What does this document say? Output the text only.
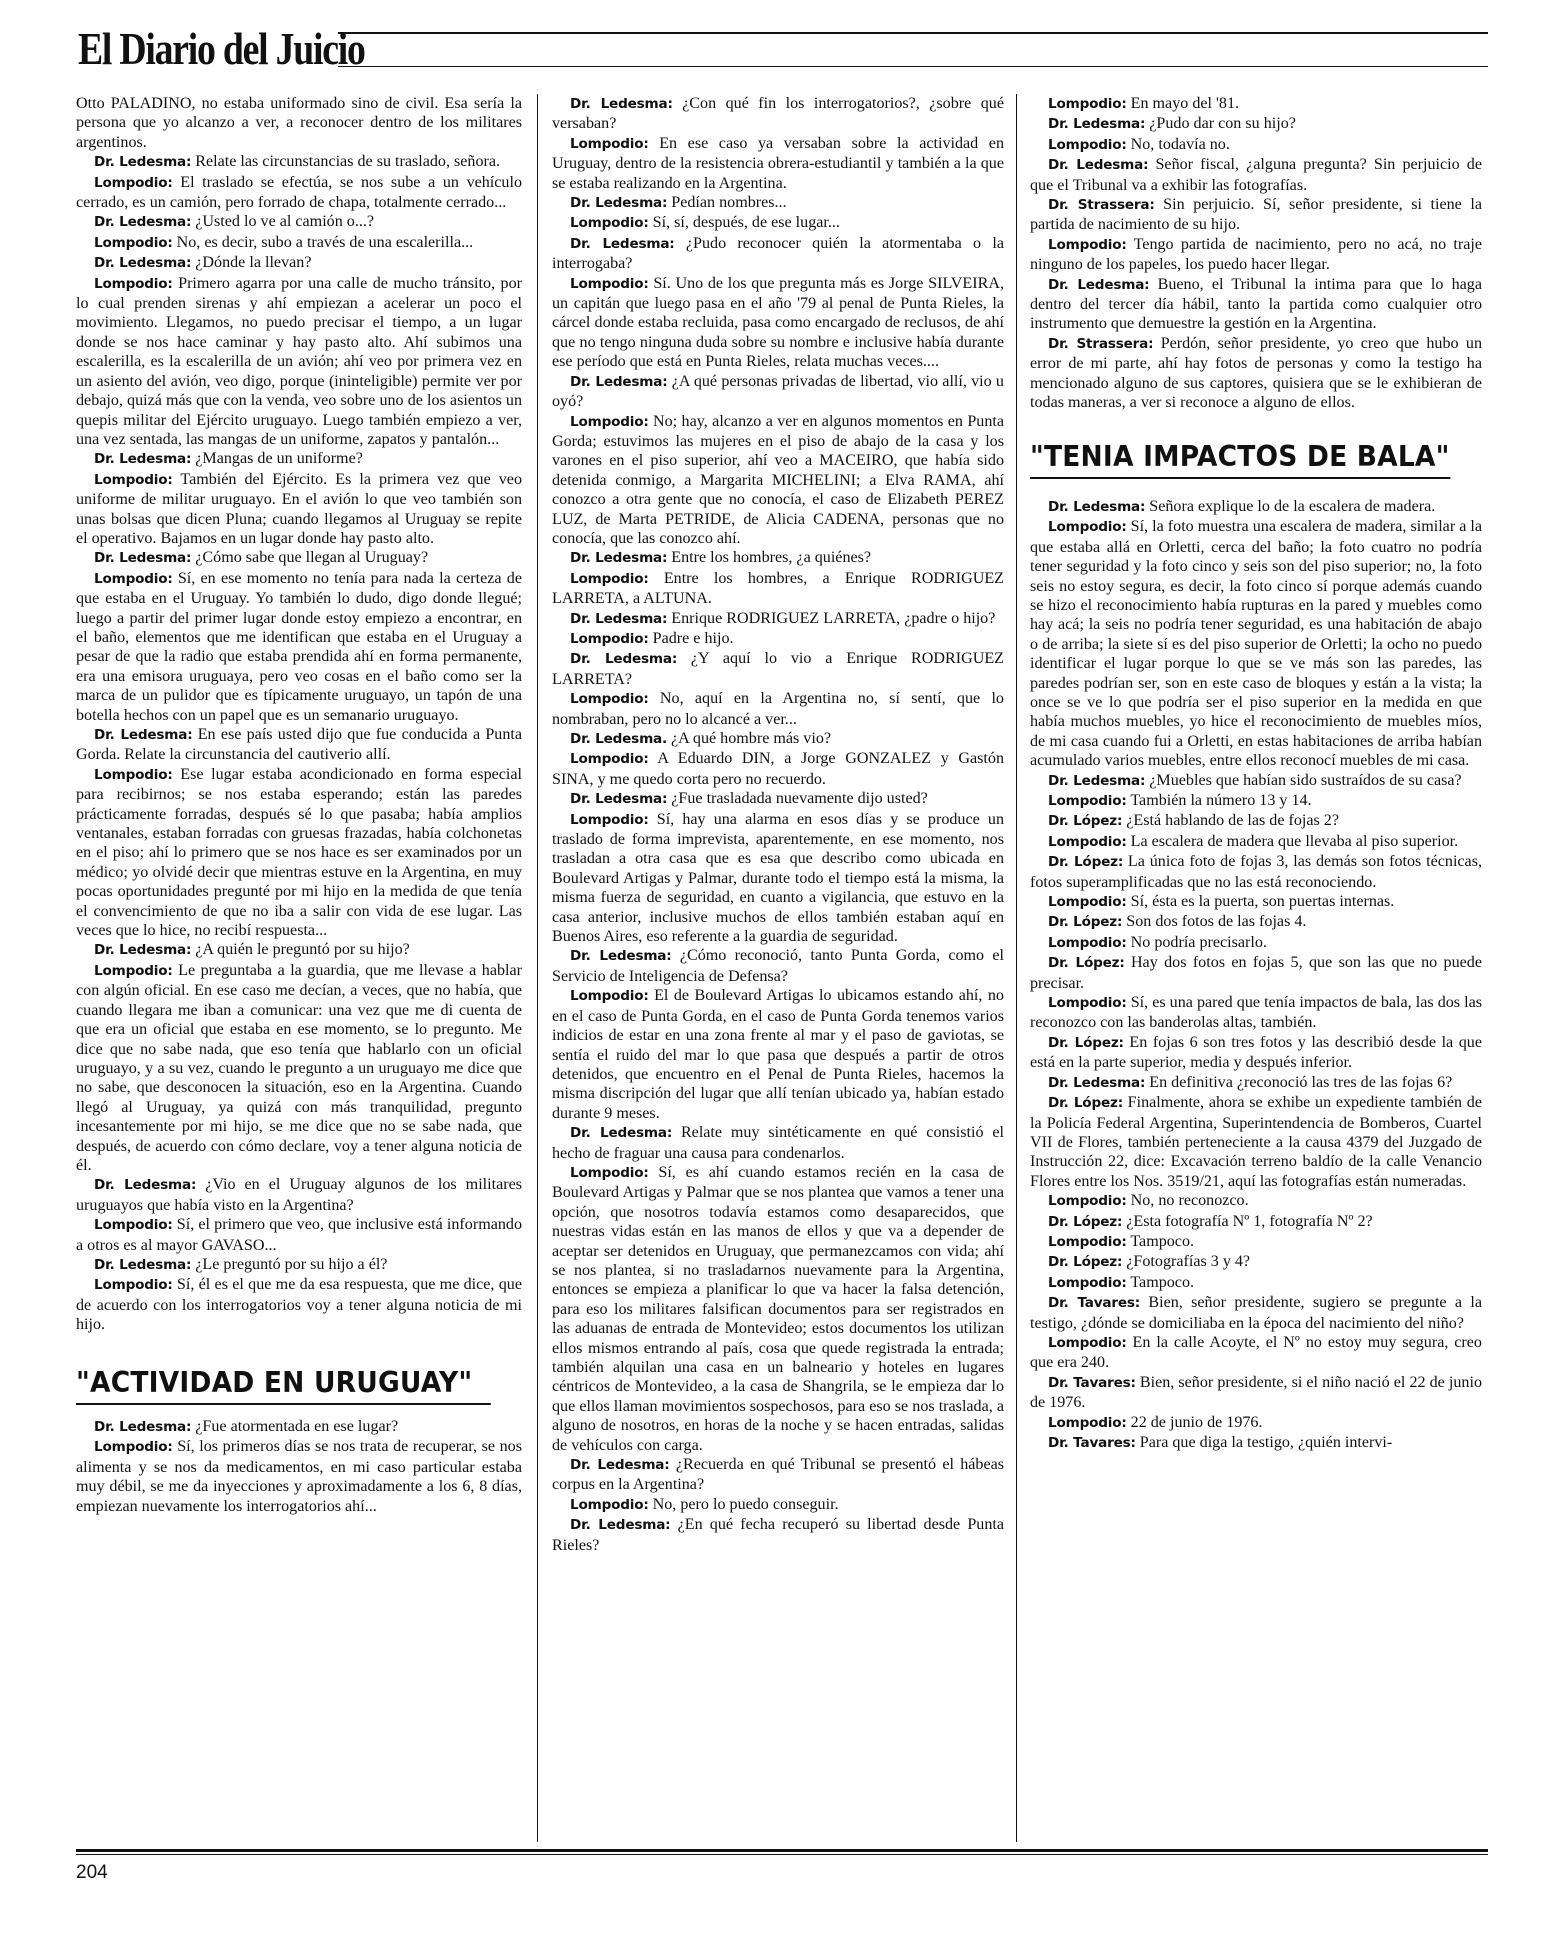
El Diario del Juicio

Otto PALADINO, no estaba uniformado sino de civil. Esa sería la persona que yo alcanzo a ver, a reconocer dentro de los militares argentinos.

Dr. Ledesma: Relate las circunstancias de su traslado, señora.

Lompodio: El traslado se efectúa, se nos sube a un vehículo cerrado, es un camión, pero forrado de chapa, totalmente cerrado...

Dr. Ledesma: ¿Usted lo ve al camión o...?

Lompodio: No, es decir, subo a través de una escalerilla...

Dr. Ledesma: ¿Dónde la llevan?

Lompodio: Primero agarra por una calle de mucho tránsito, por lo cual prenden sirenas y ahí empiezan a acelerar un poco el movimiento. Llegamos, no puedo precisar el tiempo, a un lugar donde se nos hace caminar y hay pasto alto. Ahí subimos una escalerilla, es la escalerilla de un avión; ahí veo por primera vez en un asiento del avión, veo digo, porque (ininteligible) permite ver por debajo, quizá más que con la venda, veo sobre uno de los asientos un quepis militar del Ejército uruguayo. Luego también empiezo a ver, una vez sentada, las mangas de un uniforme, zapatos y pantalón...

Dr. Ledesma: ¿Mangas de un uniforme?

Lompodio: También del Ejército. Es la primera vez que veo uniforme de militar uruguayo. En el avión lo que veo también son unas bolsas que dicen Pluna; cuando llegamos al Uruguay se repite el operativo. Bajamos en un lugar donde hay pasto alto.

Dr. Ledesma: ¿Cómo sabe que llegan al Uruguay?

Lompodio: Sí, en ese momento no tenía para nada la certeza de que estaba en el Uruguay. Yo también lo dudo, digo donde llegué; luego a partir del primer lugar donde estoy empiezo a encontrar, en el baño, elementos que me identifican que estaba en el Uruguay a pesar de que la radio que estaba prendida ahí en forma permanente, era una emisora uruguaya, pero veo cosas en el baño como ser la marca de un pulidor que es típicamente uruguayo, un tapón de una botella hechos con un papel que es un semanario uruguayo.

Dr. Ledesma: En ese país usted dijo que fue conducida a Punta Gorda. Relate la circunstancia del cautiverio allí.

Lompodio: Ese lugar estaba acondicionado en forma especial para recibirnos; se nos estaba esperando; están las paredes prácticamente forradas, después sé lo que pasaba; había amplios ventanales, estaban forradas con gruesas frazadas, había colchonetas en el piso; ahí lo primero que se nos hace es ser examinados por un médico; yo olvidé decir que mientras estuve en la Argentina, en muy pocas oportunidades pregunté por mi hijo en la medida de que tenía el convencimiento de que no iba a salir con vida de ese lugar. Las veces que lo hice, no recibí respuesta...

Dr. Ledesma: ¿A quién le preguntó por su hijo?

Lompodio: Le preguntaba a la guardia, que me llevase a hablar con algún oficial. En ese caso me decían, a veces, que no había, que cuando llegara me iban a comunicar: una vez que me di cuenta de que era un oficial que estaba en ese momento, se lo pregunto. Me dice que no sabe nada, que eso tenía que hablarlo con un oficial uruguayo, y a su vez, cuando le pregunto a un uruguayo me dice que no sabe, que desconocen la situación, eso en la Argentina. Cuando llegó al Uruguay, ya quizá con más tranquilidad, pregunto incesantemente por mi hijo, se me dice que no se sabe nada, que después, de acuerdo con cómo declare, voy a tener alguna noticia de él.

Dr. Ledesma: ¿Vio en el Uruguay algunos de los militares uruguayos que había visto en la Argentina?

Lompodio: Sí, el primero que veo, que inclusive está informando a otros es al mayor GAVASO...

Dr. Ledesma: ¿Le preguntó por su hijo a él?

Lompodio: Sí, él es el que me da esa respuesta, que me dice, que de acuerdo con los interrogatorios voy a tener alguna noticia de mi hijo.

"ACTIVIDAD EN URUGUAY"

Dr. Ledesma: ¿Fue atormentada en ese lugar?

Lompodio: Sí, los primeros días se nos trata de recuperar, se nos alimenta y se nos da medicamentos, en mi caso particular estaba muy débil, se me da inyecciones y aproximadamente a los 6, 8 días, empiezan nuevamente los interrogatorios ahí...

Dr. Ledesma: ¿Con qué fin los interrogatorios?, ¿sobre qué versaban?

Lompodio: En ese caso ya versaban sobre la actividad en Uruguay, dentro de la resistencia obrera-estudiantil y también a la que se estaba realizando en la Argentina.

Dr. Ledesma: Pedían nombres...

Lompodio: Sí, sí, después, de ese lugar...

Dr. Ledesma: ¿Pudo reconocer quién la atormentaba o la interrogaba?

Lompodio: Sí. Uno de los que pregunta más es Jorge SILVEIRA, un capitán que luego pasa en el año '79 al penal de Punta Rieles, la cárcel donde estaba recluida, pasa como encargado de reclusos, de ahí que no tengo ninguna duda sobre su nombre e inclusive había durante ese período que está en Punta Rieles, relata muchas veces....

Dr. Ledesma: ¿A qué personas privadas de libertad, vio allí, vio u oyó?

Lompodio: No; hay, alcanzo a ver en algunos momentos en Punta Gorda; estuvimos las mujeres en el piso de abajo de la casa y los varones en el piso superior, ahí veo a MACEIRO, que había sido detenida conmigo, a Margarita MICHELINI; a Elva RAMA, ahí conozco a otra gente que no conocía, el caso de Elizabeth PEREZ LUZ, de Marta PETRIDE, de Alicia CADENA, personas que no conocía, que las conozco ahí.

Dr. Ledesma: Entre los hombres, ¿a quiénes?

Lompodio: Entre los hombres, a Enrique RODRIGUEZ LARRETA, a ALTUNA.

Dr. Ledesma: Enrique RODRIGUEZ LARRETA, ¿padre o hijo?

Lompodio: Padre e hijo.

Dr. Ledesma: ¿Y aquí lo vio a Enrique RODRIGUEZ LARRETA?

Lompodio: No, aquí en la Argentina no, sí sentí, que lo nombraban, pero no lo alcancé a ver...

Dr. Ledesma. ¿A qué hombre más vio?

Lompodio: A Eduardo DIN, a Jorge GONZALEZ y Gastón SINA, y me quedo corta pero no recuerdo.

Dr. Ledesma: ¿Fue trasladada nuevamente dijo usted?

Lompodio: Sí, hay una alarma en esos días y se produce un traslado de forma imprevista, aparentemente, en ese momento, nos trasladan a otra casa que es esa que describo como ubicada en Boulevard Artigas y Palmar, durante todo el tiempo está la misma, la misma fuerza de seguridad, en cuanto a vigilancia, que estuvo en la casa anterior, inclusive muchos de ellos también estaban aquí en Buenos Aires, eso referente a la guardia de seguridad.

Dr. Ledesma: ¿Cómo reconoció, tanto Punta Gorda, como el Servicio de Inteligencia de Defensa?

Lompodio: El de Boulevard Artigas lo ubicamos estando ahí, no en el caso de Punta Gorda, en el caso de Punta Gorda tenemos varios indicios de estar en una zona frente al mar y el paso de gaviotas, se sentía el ruido del mar lo que pasa que después a partir de otros detenidos, que encuentro en el Penal de Punta Rieles, hacemos la misma discripción del lugar que allí tenían ubicado ya, habían estado durante 9 meses.

Dr. Ledesma: Relate muy sintéticamente en qué consistió el hecho de fraguar una causa para condenarlos.

Lompodio: Sí, es ahí cuando estamos recién en la casa de Boulevard Artigas y Palmar que se nos plantea que vamos a tener una opción, que nosotros todavía estamos como desaparecidos, que nuestras vidas están en las manos de ellos y que va a depender de aceptar ser detenidos en Uruguay, que permanezcamos con vida; ahí se nos plantea, si no trasladarnos nuevamente para la Argentina, entonces se empieza a planificar lo que va hacer la falsa detención, para eso los militares falsifican documentos para ser registrados en las aduanas de entrada de Montevideo; estos documentos los utilizan ellos mismos entrando al país, cosa que quede registrada la entrada; también alquilan una casa en un balneario y hoteles en lugares céntricos de Montevideo, a la casa de Shangrila, se le empieza dar lo que ellos llaman movimientos sospechosos, para eso se nos traslada, a alguno de nosotros, en horas de la noche y se hacen entradas, salidas de vehículos con carga.

Dr. Ledesma: ¿Recuerda en qué Tribunal se presentó el hábeas corpus en la Argentina?

Lompodio: No, pero lo puedo conseguir.

Dr. Ledesma: ¿En qué fecha recuperó su libertad desde Punta Rieles?

Lompodio: En mayo del '81.

Dr. Ledesma: ¿Pudo dar con su hijo?

Lompodio: No, todavía no.

Dr. Ledesma: Señor fiscal, ¿alguna pregunta? Sin perjuicio de que el Tribunal va a exhibir las fotografías.

Dr. Strassera: Sin perjuicio. Sí, señor presidente, si tiene la partida de nacimiento de su hijo.

Lompodio: Tengo partida de nacimiento, pero no acá, no traje ninguno de los papeles, los puedo hacer llegar.

Dr. Ledesma: Bueno, el Tribunal la intima para que lo haga dentro del tercer día hábil, tanto la partida como cualquier otro instrumento que demuestre la gestión en la Argentina.

Dr. Strassera: Perdón, señor presidente, yo creo que hubo un error de mi parte, ahí hay fotos de personas y como la testigo ha mencionado alguno de sus captores, quisiera que se le exhibieran de todas maneras, a ver si reconoce a alguno de ellos.

"TENIA IMPACTOS DE BALA"

Dr. Ledesma: Señora explique lo de la escalera de madera.

Lompodio: Sí, la foto muestra una escalera de madera, similar a la que estaba allá en Orletti, cerca del baño; la foto cuatro no podría tener seguridad y la foto cinco y seis son del piso superior; no, la foto seis no estoy segura, es decir, la foto cinco sí porque además cuando se hizo el reconocimiento había rupturas en la pared y muebles como hay acá; la seis no podría tener seguridad, es una habitación de abajo o de arriba; la siete sí es del piso superior de Orletti; la ocho no puedo identificar el lugar porque lo que se ve más son las paredes, las paredes podrían ser, son en este caso de bloques y están a la vista; la once se ve lo que podría ser el piso superior en la medida en que había muchos muebles, yo hice el reconocimiento de muebles míos, de mi casa cuando fui a Orletti, en estas habitaciones de arriba habían acumulado varios muebles, entre ellos reconocí muebles de mi casa.

Dr. Ledesma: ¿Muebles que habían sido sustraídos de su casa?

Lompodio: También la número 13 y 14.

Dr. López: ¿Está hablando de las de fojas 2?

Lompodio: La escalera de madera que llevaba al piso superior.

Dr. López: La única foto de fojas 3, las demás son fotos técnicas, fotos superamplificadas que no las está reconociendo.

Lompodio: Sí, ésta es la puerta, son puertas internas.

Dr. López: Son dos fotos de las fojas 4.

Lompodio: No podría precisarlo.

Dr. López: Hay dos fotos en fojas 5, que son las que no puede precisar.

Lompodio: Sí, es una pared que tenía impactos de bala, las dos las reconozco con las banderolas altas, también.

Dr. López: En fojas 6 son tres fotos y las describió desde la que está en la parte superior, media y después inferior.

Dr. Ledesma: En definitiva ¿reconoció las tres de las fojas 6?

Dr. López: Finalmente, ahora se exhibe un expediente también de la Policía Federal Argentina, Superintendencia de Bomberos, Cuartel VII de Flores, también perteneciente a la causa 4379 del Juzgado de Instrucción 22, dice: Excavación terreno baldío de la calle Venancio Flores entre los Nos. 3519/21, aquí las fotografías están numeradas.

Lompodio: No, no reconozco.

Dr. López: ¿Esta fotografía Nº 1, fotografía Nº 2?

Lompodio: Tampoco.

Dr. López: ¿Fotografías 3 y 4?

Lompodio: Tampoco.

Dr. Tavares: Bien, señor presidente, sugiero se pregunte a la testigo, ¿dónde se domiciliaba en la época del nacimiento del niño?

Lompodio: En la calle Acoyte, el Nº no estoy muy segura, creo que era 240.

Dr. Tavares: Bien, señor presidente, si el niño nació el 22 de junio de 1976.

Lompodio: 22 de junio de 1976.

Dr. Tavares: Para que diga la testigo, ¿quién intervi-

204
